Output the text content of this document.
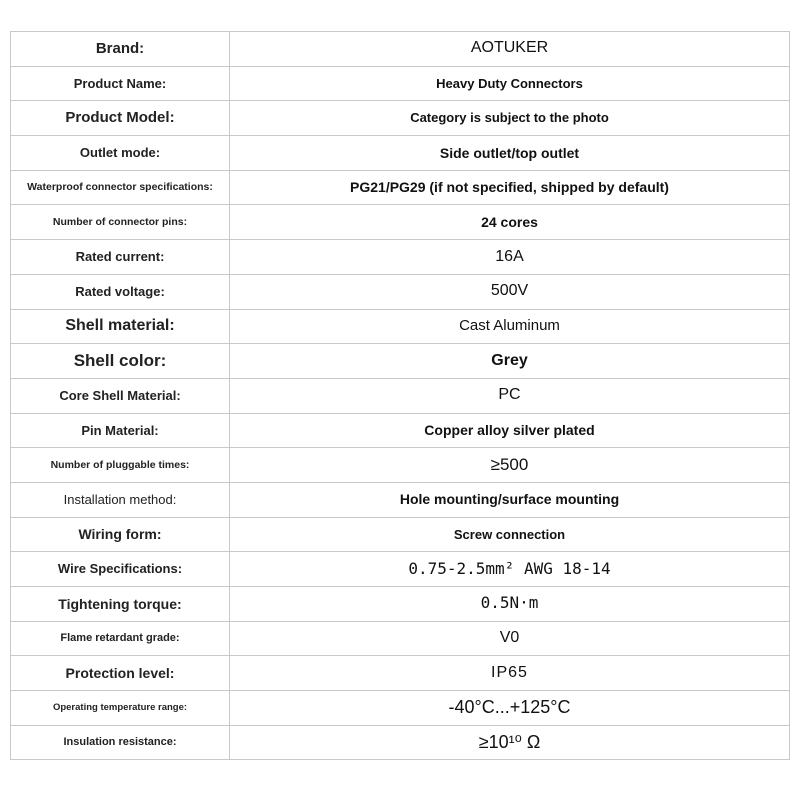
Brand:	AOTUKER
Product Name:	Heavy Duty Connectors
Product Model:	Category is subject to the photo
Outlet mode:	Side outlet/top outlet
Waterproof connector specifications:	PG21/PG29 (if not specified, shipped by default)
Number of connector pins:	24 cores
Rated current:	16A
Rated voltage:	500V
Shell material:	Cast Aluminum
Shell color:	Grey
Core Shell Material:	PC
Pin Material:	Copper alloy silver plated
Number of pluggable times:	≥500
Installation method:	Hole mounting/surface mounting
Wiring form:	Screw connection
Wire Specifications:	0.75-2.5mm² AWG 18-14
Tightening torque:	0.5N·m
Flame retardant grade:	V0
Protection level:	IP65
Operating temperature range:	-40°C...+125°C
Insulation resistance:	≥10¹⁰ Ω
